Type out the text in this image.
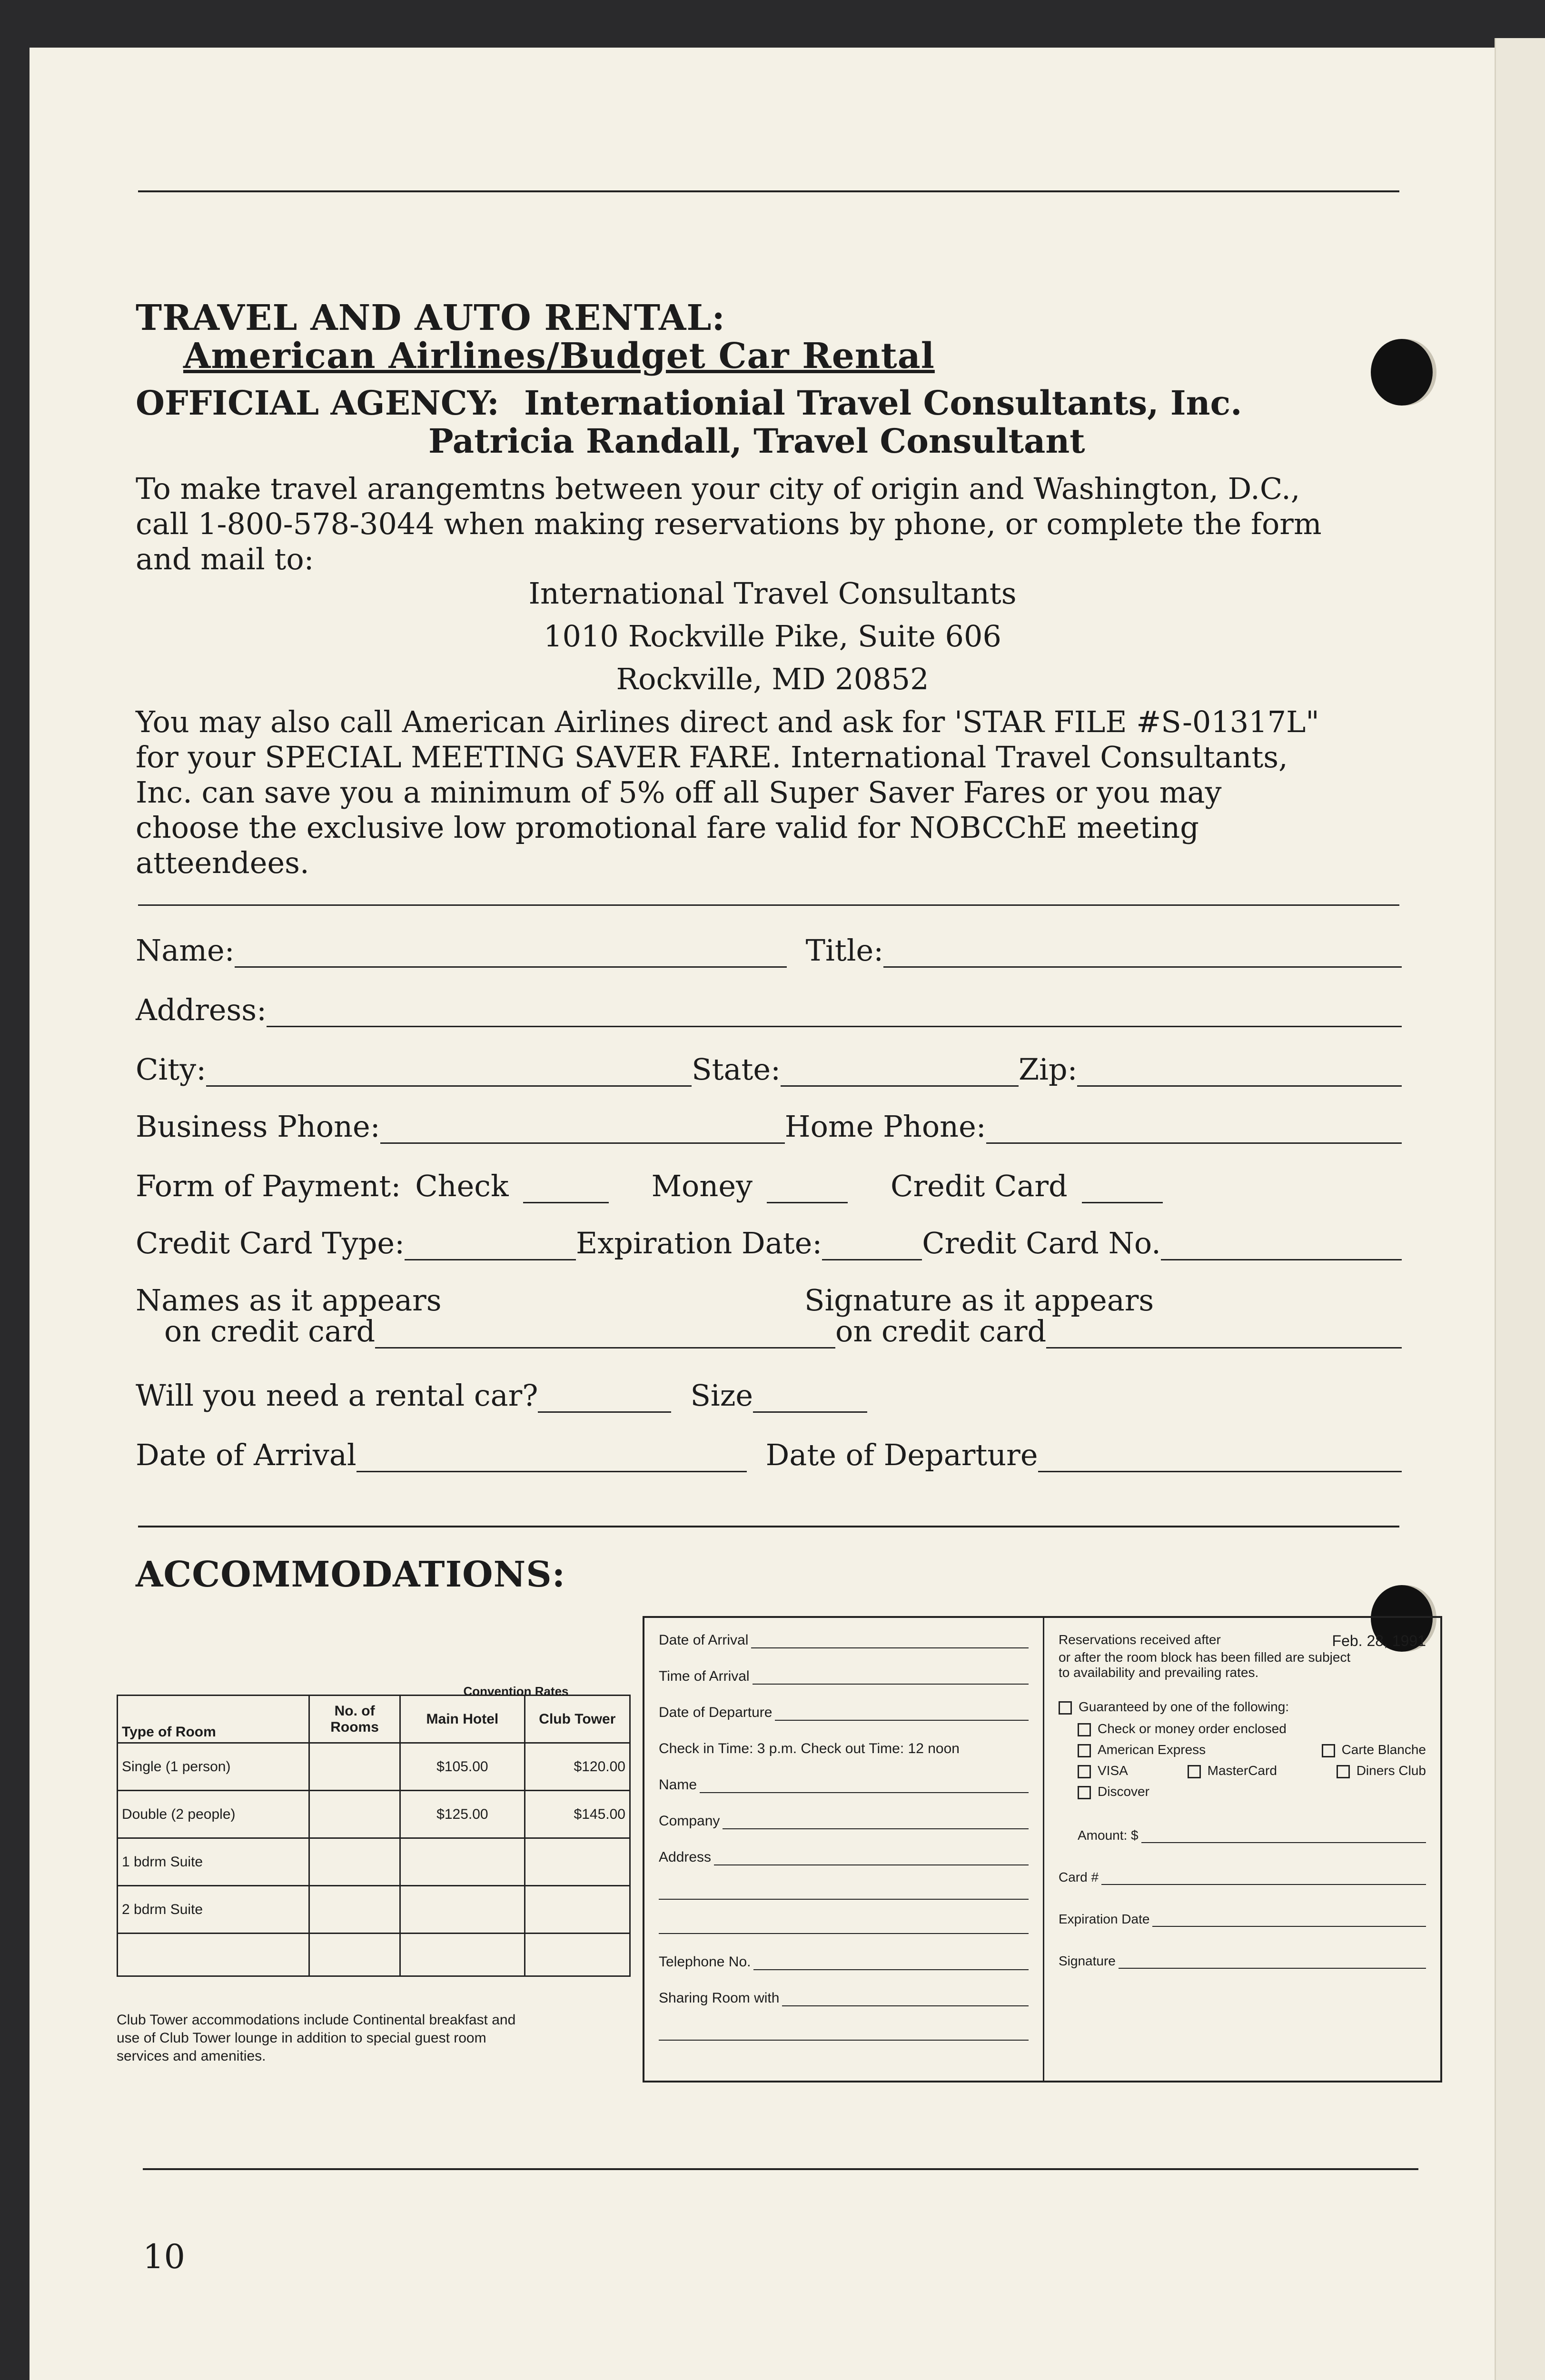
TRAVEL AND AUTO RENTAL:
American Airlines/Budget Car Rental
OFFICIAL AGENCY: Internationial Travel Consultants, Inc.
Patricia Randall, Travel Consultant
To make travel arangemtns between your city of origin and Washington, D.C.,
call 1-800-578-3044 when making reservations by phone, or complete the form
and mail to:
International Travel Consultants
1010 Rockville Pike, Suite 606
Rockville, MD 20852
You may also call American Airlines direct and ask for 'STAR FILE #S-01317L"
for your SPECIAL MEETING SAVER FARE. International Travel Consultants,
Inc. can save you a minimum of 5% off all Super Saver Fares or you may
choose the exclusive low promotional fare valid for NOBCChE meeting
atteendees.
Name:	Title:
Address:
City:	State:	Zip:
Business Phone:	Home Phone:
Form of Payment: Check	Money	Credit Card
Credit Card Type:	Expiration Date:	Credit Card No.
Names as it appears
on credit card
Signature as it appears
on credit card
Will you need a rental car?	Size
Date of Arrival	Date of Departure
ACCOMMODATIONS:
Convention Rates
Type of Room	No. of Rooms	Main Hotel	Club Tower
Single (1 person)		$105.00	$120.00
Double (2 people)		$125.00	$145.00
1 bdrm Suite			
2 bdrm Suite			

Club Tower accommodations include Continental breakfast and
use of Club Tower lounge in addition to special guest room
services and amenities.
Date of Arrival
Time of Arrival
Date of Departure
Check in Time: 3 p.m. Check out Time: 12 noon
Name
Company
Address
Telephone No.
Sharing Room with
Reservations received after	Feb. 28, 1991
or after the room block has been filled are subject
to availability and prevailing rates.
Guaranteed by one of the following:
Check or money order enclosed
American Express	Carte Blanche
VISA	MasterCard	Diners Club
Discover
Amount: $
Card #
Expiration Date
Signature
10
